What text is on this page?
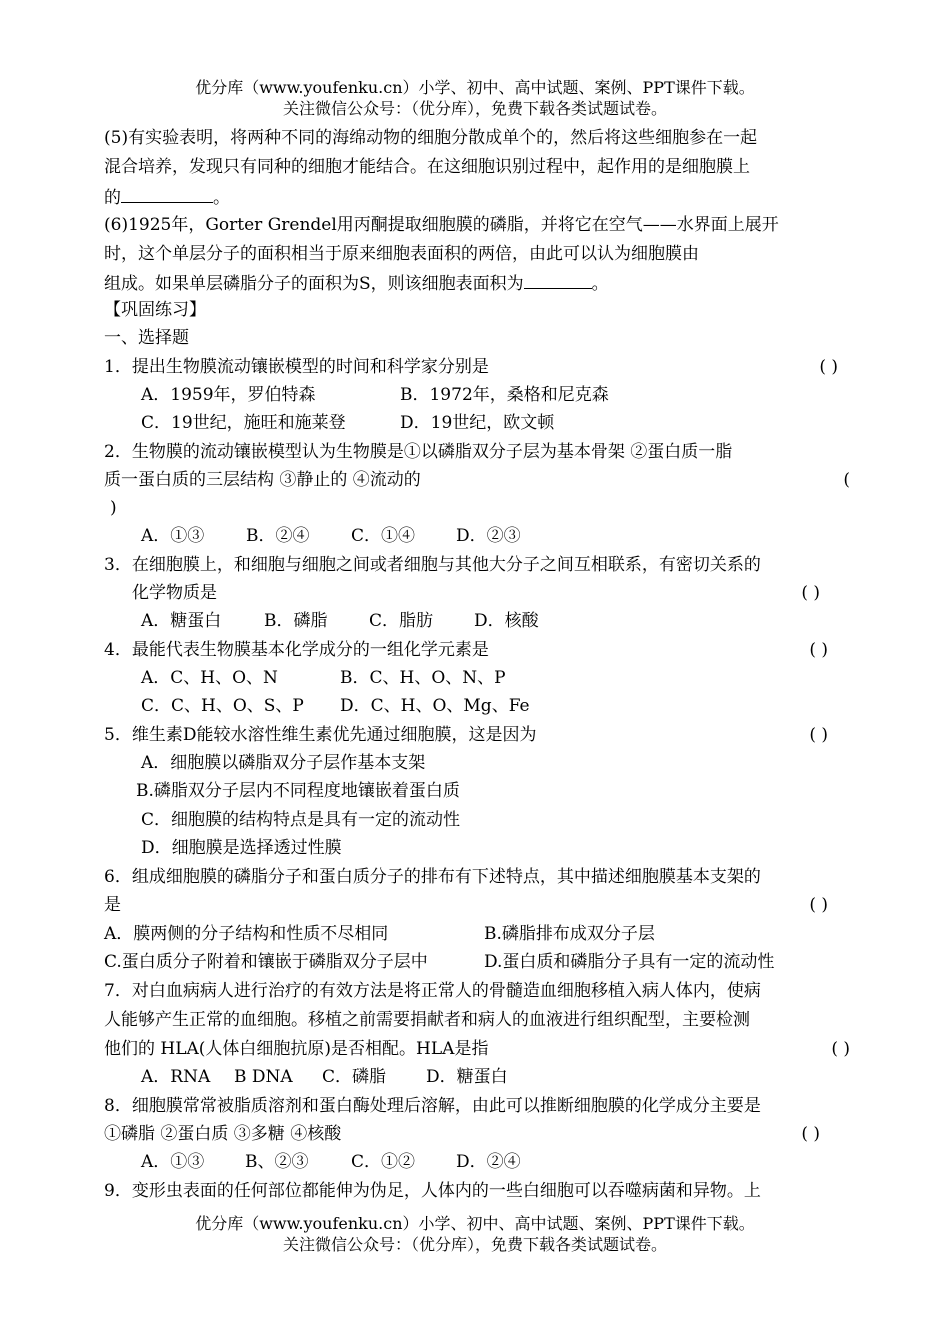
优分库（www.youfenku.cn）小学、初中、高中试题、案例、PPT课件下载。
关注微信公众号：（优分库），免费下载各类试题试卷。
(5)有实验表明，将两种不同的海绵动物的细胞分散成单个的，然后将这些细胞参在一起
混合培养，发现只有同种的细胞才能结合。在这细胞识别过程中，起作用的是细胞膜上
的	。
(6)1925年，Gorter Grendel用丙酮提取细胞膜的磷脂，并将它在空气——水界面上展开
时，这个单层分子的面积相当于原来细胞表面积的两倍，由此可以认为细胞膜由
组成。如果单层磷脂分子的面积为S，则该细胞表面积为	。
【巩固练习】
一、选择题
1．提出生物膜流动镶嵌模型的时间和科学家分别是	( )
A．1959年，罗伯特森	B．1972年，桑格和尼克森
C．19世纪，施旺和施莱登	D．19世纪，欧文顿
2．生物膜的流动镶嵌模型认为生物膜是①以磷脂双分子层为基本骨架 ②蛋白质一脂
质一蛋白质的三层结构 ③静止的 ④流动的	(
)
A．①③ B．②④ C．①④ D．②③
3．在细胞膜上，和细胞与细胞之间或者细胞与其他大分子之间互相联系，有密切关系的
化学物质是	( )
A．糖蛋白	B．磷脂 C．脂肪 D．核酸
4．最能代表生物膜基本化学成分的一组化学元素是	( )
A．C、H、O、N	B．C、H、O、N、P
C．C、H、O、S、P D．C、H、O、Mg、Fe
5．维生素D能较水溶性维生素优先通过细胞膜，这是因为	( )
A．细胞膜以磷脂双分子层作基本支架
B.磷脂双分子层内不同程度地镶嵌着蛋白质
C．细胞膜的结构特点是具有一定的流动性
D．细胞膜是选择透过性膜
6．组成细胞膜的磷脂分子和蛋白质分子的排布有下述特点，其中描述细胞膜基本支架的
是	( )
A．膜两侧的分子结构和性质不尽相同	B.磷脂排布成双分子层
C.蛋白质分子附着和镶嵌于磷脂双分子层中	D.蛋白质和磷脂分子具有一定的流动性
7．对白血病病人进行治疗的有效方法是将正常人的骨髓造血细胞移植入病人体内，使病
人能够产生正常的血细胞。移植之前需要捐献者和病人的血液进行组织配型，主要检测
他们的 HLA(人体白细胞抗原)是否相配。HLA是指	( )
A．RNA B DNA C．磷脂 D．糖蛋白
8．细胞膜常常被脂质溶剂和蛋白酶处理后溶解，由此可以推断细胞膜的化学成分主要是
①磷脂 ②蛋白质 ③多糖 ④核酸	( )
A．①③ B、②③	C．①② D．②④
9．变形虫表面的任何部位都能伸为伪足，人体内的一些白细胞可以吞噬病菌和异物。上
优分库（www.youfenku.cn）小学、初中、高中试题、案例、PPT课件下载。
关注微信公众号：（优分库），免费下载各类试题试卷。
